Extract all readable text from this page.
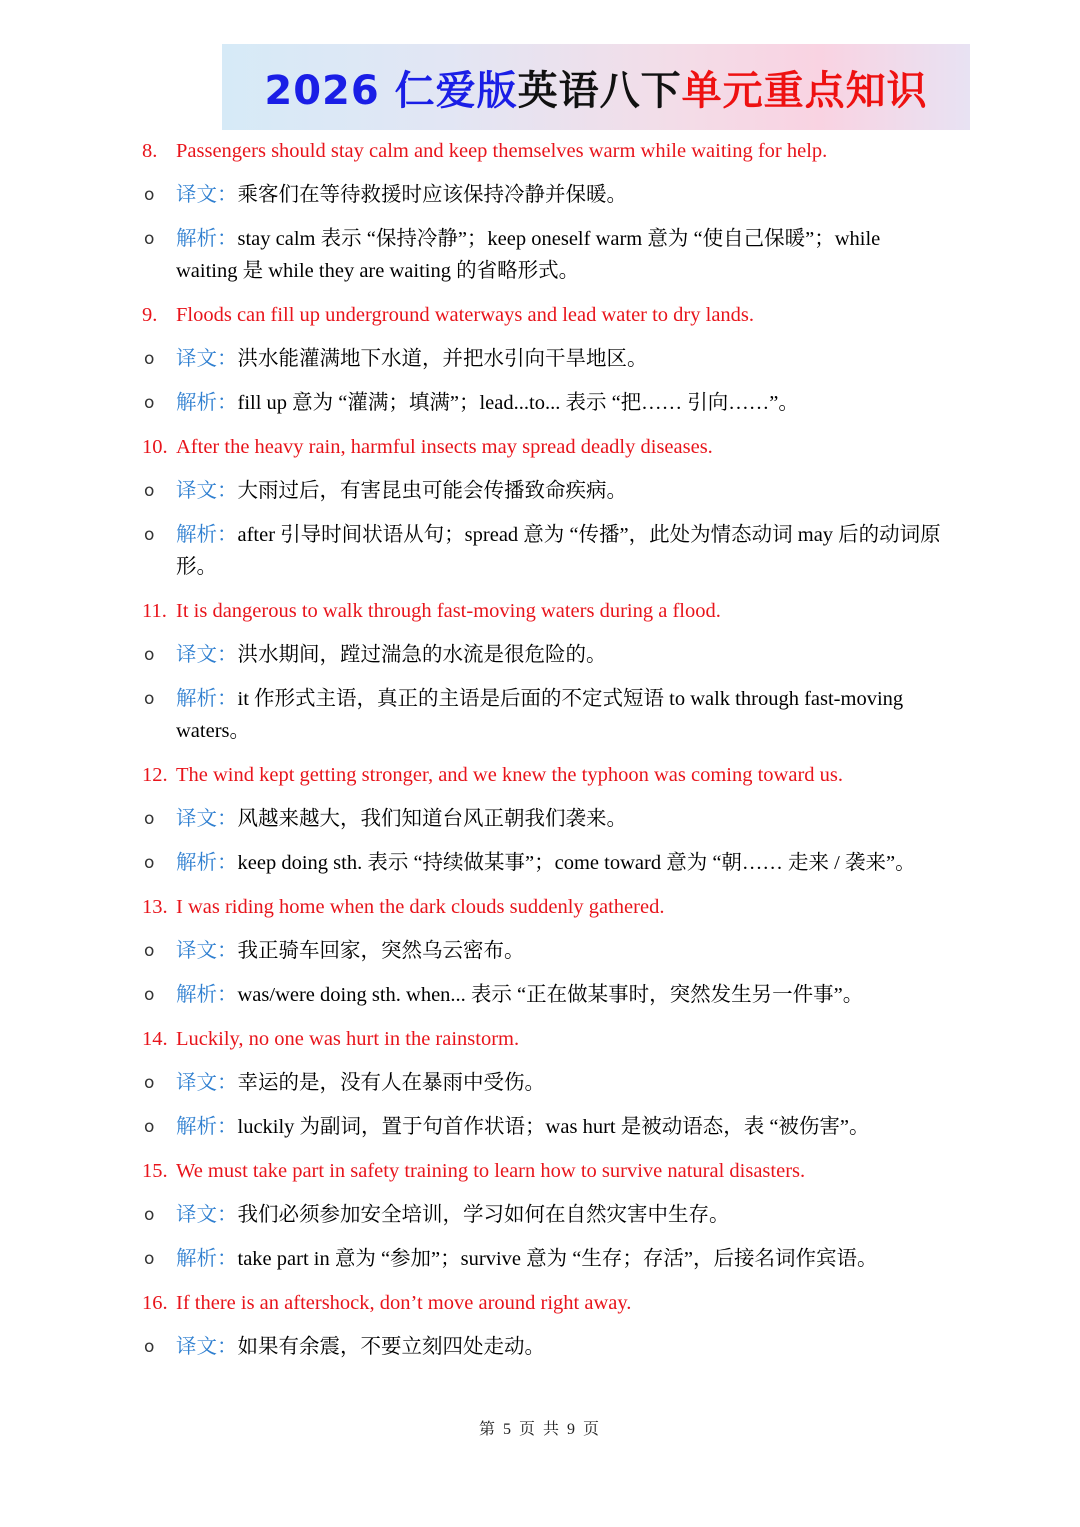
2026 仁爱版 英语八下 单元重点知识

8. Passengers should stay calm and keep themselves warm while waiting for help.

o 译文：乘客们在等待救援时应该保持冷静并保暖。

o 解析：stay calm 表示 “保持冷静”；keep oneself warm 意为 “使自己保暖”；while waiting 是 while they are waiting 的省略形式。

9. Floods can fill up underground waterways and lead water to dry lands.

o 译文：洪水能灌满地下水道，并把水引向干旱地区。

o 解析：fill up 意为 “灌满；填满”；lead...to... 表示 “把…… 引向……”。

10. After the heavy rain, harmful insects may spread deadly diseases.

o 译文：大雨过后，有害昆虫可能会传播致命疾病。

o 解析：after 引导时间状语从句；spread 意为 “传播”，此处为情态动词 may 后的动词原形。

11. It is dangerous to walk through fast-moving waters during a flood.

o 译文：洪水期间，蹚过湍急的水流是很危险的。

o 解析：it 作形式主语，真正的主语是后面的不定式短语 to walk through fast-moving waters。

12. The wind kept getting stronger, and we knew the typhoon was coming toward us.

o 译文：风越来越大，我们知道台风正朝我们袭来。

o 解析：keep doing sth. 表示 “持续做某事”；come toward 意为 “朝…… 走来 / 袭来”。

13. I was riding home when the dark clouds suddenly gathered.

o 译文：我正骑车回家，突然乌云密布。

o 解析：was/were doing sth. when... 表示 “正在做某事时，突然发生另一件事”。

14. Luckily, no one was hurt in the rainstorm.

o 译文：幸运的是，没有人在暴雨中受伤。

o 解析：luckily 为副词，置于句首作状语；was hurt 是被动语态，表 “被伤害”。

15. We must take part in safety training to learn how to survive natural disasters.

o 译文：我们必须参加安全培训，学习如何在自然灾害中生存。

o 解析：take part in 意为 “参加”；survive 意为 “生存；存活”，后接名词作宾语。

16. If there is an aftershock, don’t move around right away.

o 译文：如果有余震，不要立刻四处走动。

第 5 页 共 9 页
